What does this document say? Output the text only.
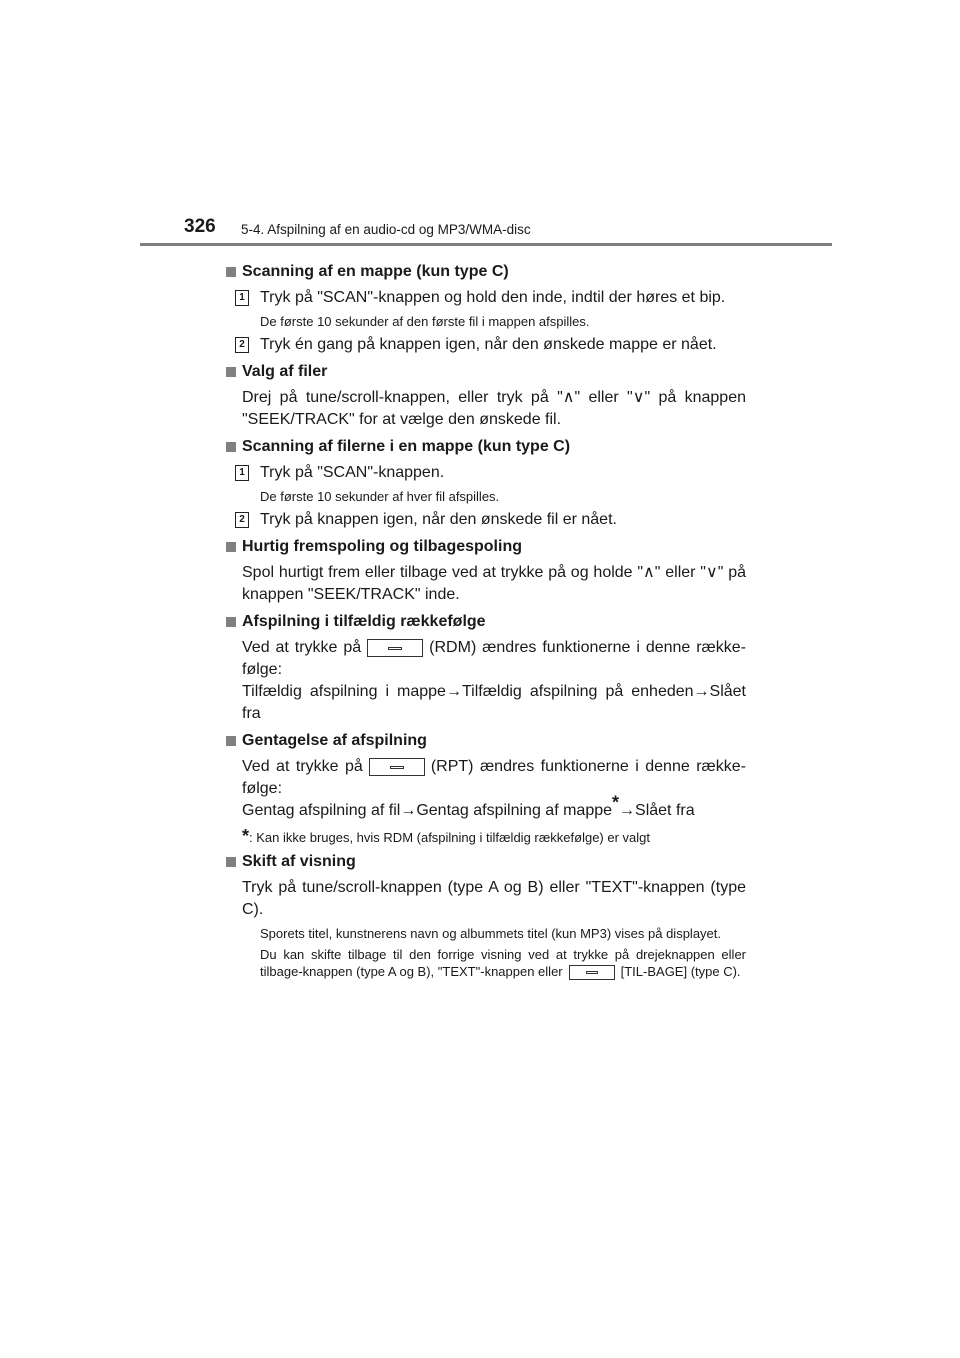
326 5-4. Afspilning af en audio-cd og MP3/WMA-disc
Scanning af en mappe (kun type C)
1 Tryk på "SCAN"-knappen og hold den inde, indtil der høres et bip.
De første 10 sekunder af den første fil i mappen afspilles.
2 Tryk én gang på knappen igen, når den ønskede mappe er nået.
Valg af filer
Drej på tune/scroll-knappen, eller tryk på "∧" eller "∨" på knappen "SEEK/TRACK" for at vælge den ønskede fil.
Scanning af filerne i en mappe (kun type C)
1 Tryk på "SCAN"-knappen.
De første 10 sekunder af hver fil afspilles.
2 Tryk på knappen igen, når den ønskede fil er nået.
Hurtig fremspoling og tilbagespoling
Spol hurtigt frem eller tilbage ved at trykke på og holde "∧" eller "∨" på knappen "SEEK/TRACK" inde.
Afspilning i tilfældig rækkefølge
Ved at trykke på	(RDM) ændres funktionerne i denne række-følge:
Tilfældig afspilning i mappe→Tilfældig afspilning på enheden→Slået fra
Gentagelse af afspilning
Ved at trykke på	(RPT) ændres funktionerne i denne række-følge:
Gentag afspilning af fil→Gentag afspilning af mappe*→Slået fra
*: Kan ikke bruges, hvis RDM (afspilning i tilfældig rækkefølge) er valgt
Skift af visning
Tryk på tune/scroll-knappen (type A og B) eller "TEXT"-knappen (type C).
Sporets titel, kunstnerens navn og albummets titel (kun MP3) vises på displayet.
Du kan skifte tilbage til den forrige visning ved at trykke på drejeknappen eller tilbage-knappen (type A og B), "TEXT"-knappen eller	[TIL-BAGE] (type C).
